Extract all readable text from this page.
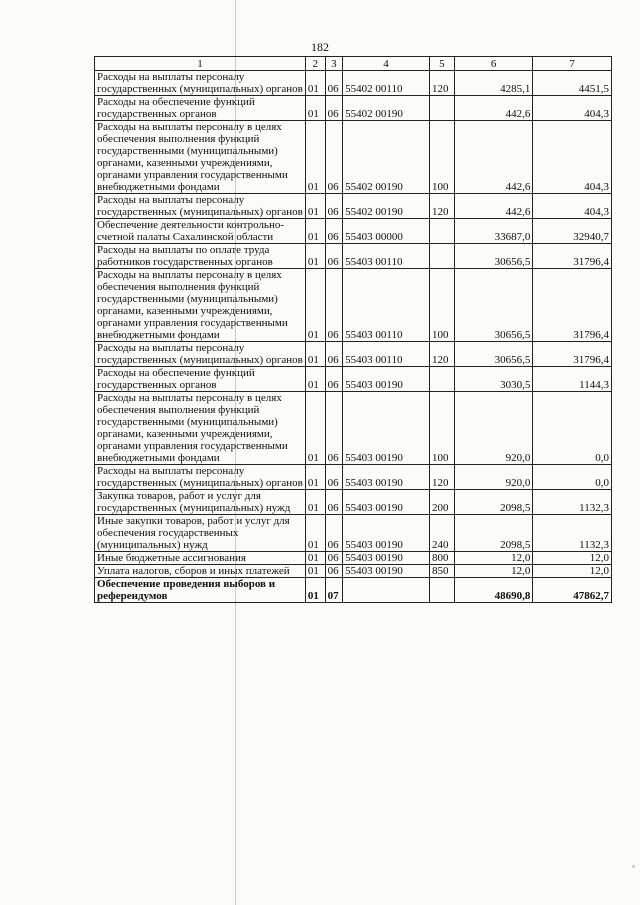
182
1	2	3	4	5	6	7
Расходы на выплаты персоналу государственных (муниципальных) органов	01	06	55402 00110	120	4285,1	4451,5
Расходы на обеспечение функций государственных органов	01	06	55402 00190		442,6	404,3
Расходы на выплаты персоналу в целях обеспечения выполнения функций государственными (муниципальными) органами, казенными учреждениями, органами управления государственными внебюджетными фондами	01	06	55402 00190	100	442,6	404,3
Расходы на выплаты персоналу государственных (муниципальных) органов	01	06	55402 00190	120	442,6	404,3
Обеспечение деятельности контрольно-счетной палаты Сахалинской области	01	06	55403 00000		33687,0	32940,7
Расходы на выплаты по оплате труда работников государственных органов	01	06	55403 00110		30656,5	31796,4
Расходы на выплаты персоналу в целях обеспечения выполнения функций государственными (муниципальными) органами, казенными учреждениями, органами управления государственными внебюджетными фондами	01	06	55403 00110	100	30656,5	31796,4
Расходы на выплаты персоналу государственных (муниципальных) органов	01	06	55403 00110	120	30656,5	31796,4
Расходы на обеспечение функций государственных органов	01	06	55403 00190		3030,5	1144,3
Расходы на выплаты персоналу в целях обеспечения выполнения функций государственными (муниципальными) органами, казенными учреждениями, органами управления государственными внебюджетными фондами	01	06	55403 00190	100	920,0	0,0
Расходы на выплаты персоналу государственных (муниципальных) органов	01	06	55403 00190	120	920,0	0,0
Закупка товаров, работ и услуг для государственных (муниципальных) нужд	01	06	55403 00190	200	2098,5	1132,3
Иные закупки товаров, работ и услуг для обеспечения государственных (муниципальных) нужд	01	06	55403 00190	240	2098,5	1132,3
Иные бюджетные ассигнования	01	06	55403 00190	800	12,0	12,0
Уплата налогов, сборов и иных платежей	01	06	55403 00190	850	12,0	12,0
Обеспечение проведения выборов и референдумов	01	07			48690,8	47862,7
▪
